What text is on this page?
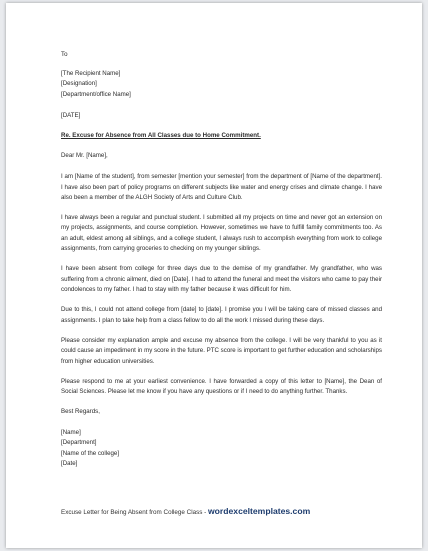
To
[The Recipient Name]
[Designation]
[Department/office Name]
[DATE]
Re. Excuse for Absence from All Classes due to Home Commitment.
Dear Mr. [Name],
I am [Name of the student], from semester [mention your semester] from the department of [Name of the department]. I have also been part of policy programs on different subjects like water and energy crises and climate change. I have also been a member of the ALGH Society of Arts and Culture Club.
I have always been a regular and punctual student. I submitted all my projects on time and never got an extension on my projects, assignments, and course completion. However, sometimes we have to fulfill family commitments too. As an adult, eldest among all siblings, and a college student, I always rush to accomplish everything from work to college assignments, from carrying groceries to checking on my younger siblings.
I have been absent from college for three days due to the demise of my grandfather. My grandfather, who was suffering from a chronic ailment, died on [Date]. I had to attend the funeral and meet the visitors who came to pay their condolences to my father. I had to stay with my father because it was difficult for him.
Due to this, I could not attend college from [date] to [date]. I promise you I will be taking care of missed classes and assignments. I plan to take help from a class fellow to do all the work I missed during these days.
Please consider my explanation ample and excuse my absence from the college. I will be very thankful to you as it could cause an impediment in my score in the future. PTC score is important to get further education and scholarships from higher education universities.
Please respond to me at your earliest convenience. I have forwarded a copy of this letter to [Name], the Dean of Social Sciences. Please let me know if you have any questions or if I need to do anything further. Thanks.
Best Regards,
[Name]
[Department]
[Name of the college]
[Date]
Excuse Letter for Being Absent from College Class - wordexceltemplates.com
